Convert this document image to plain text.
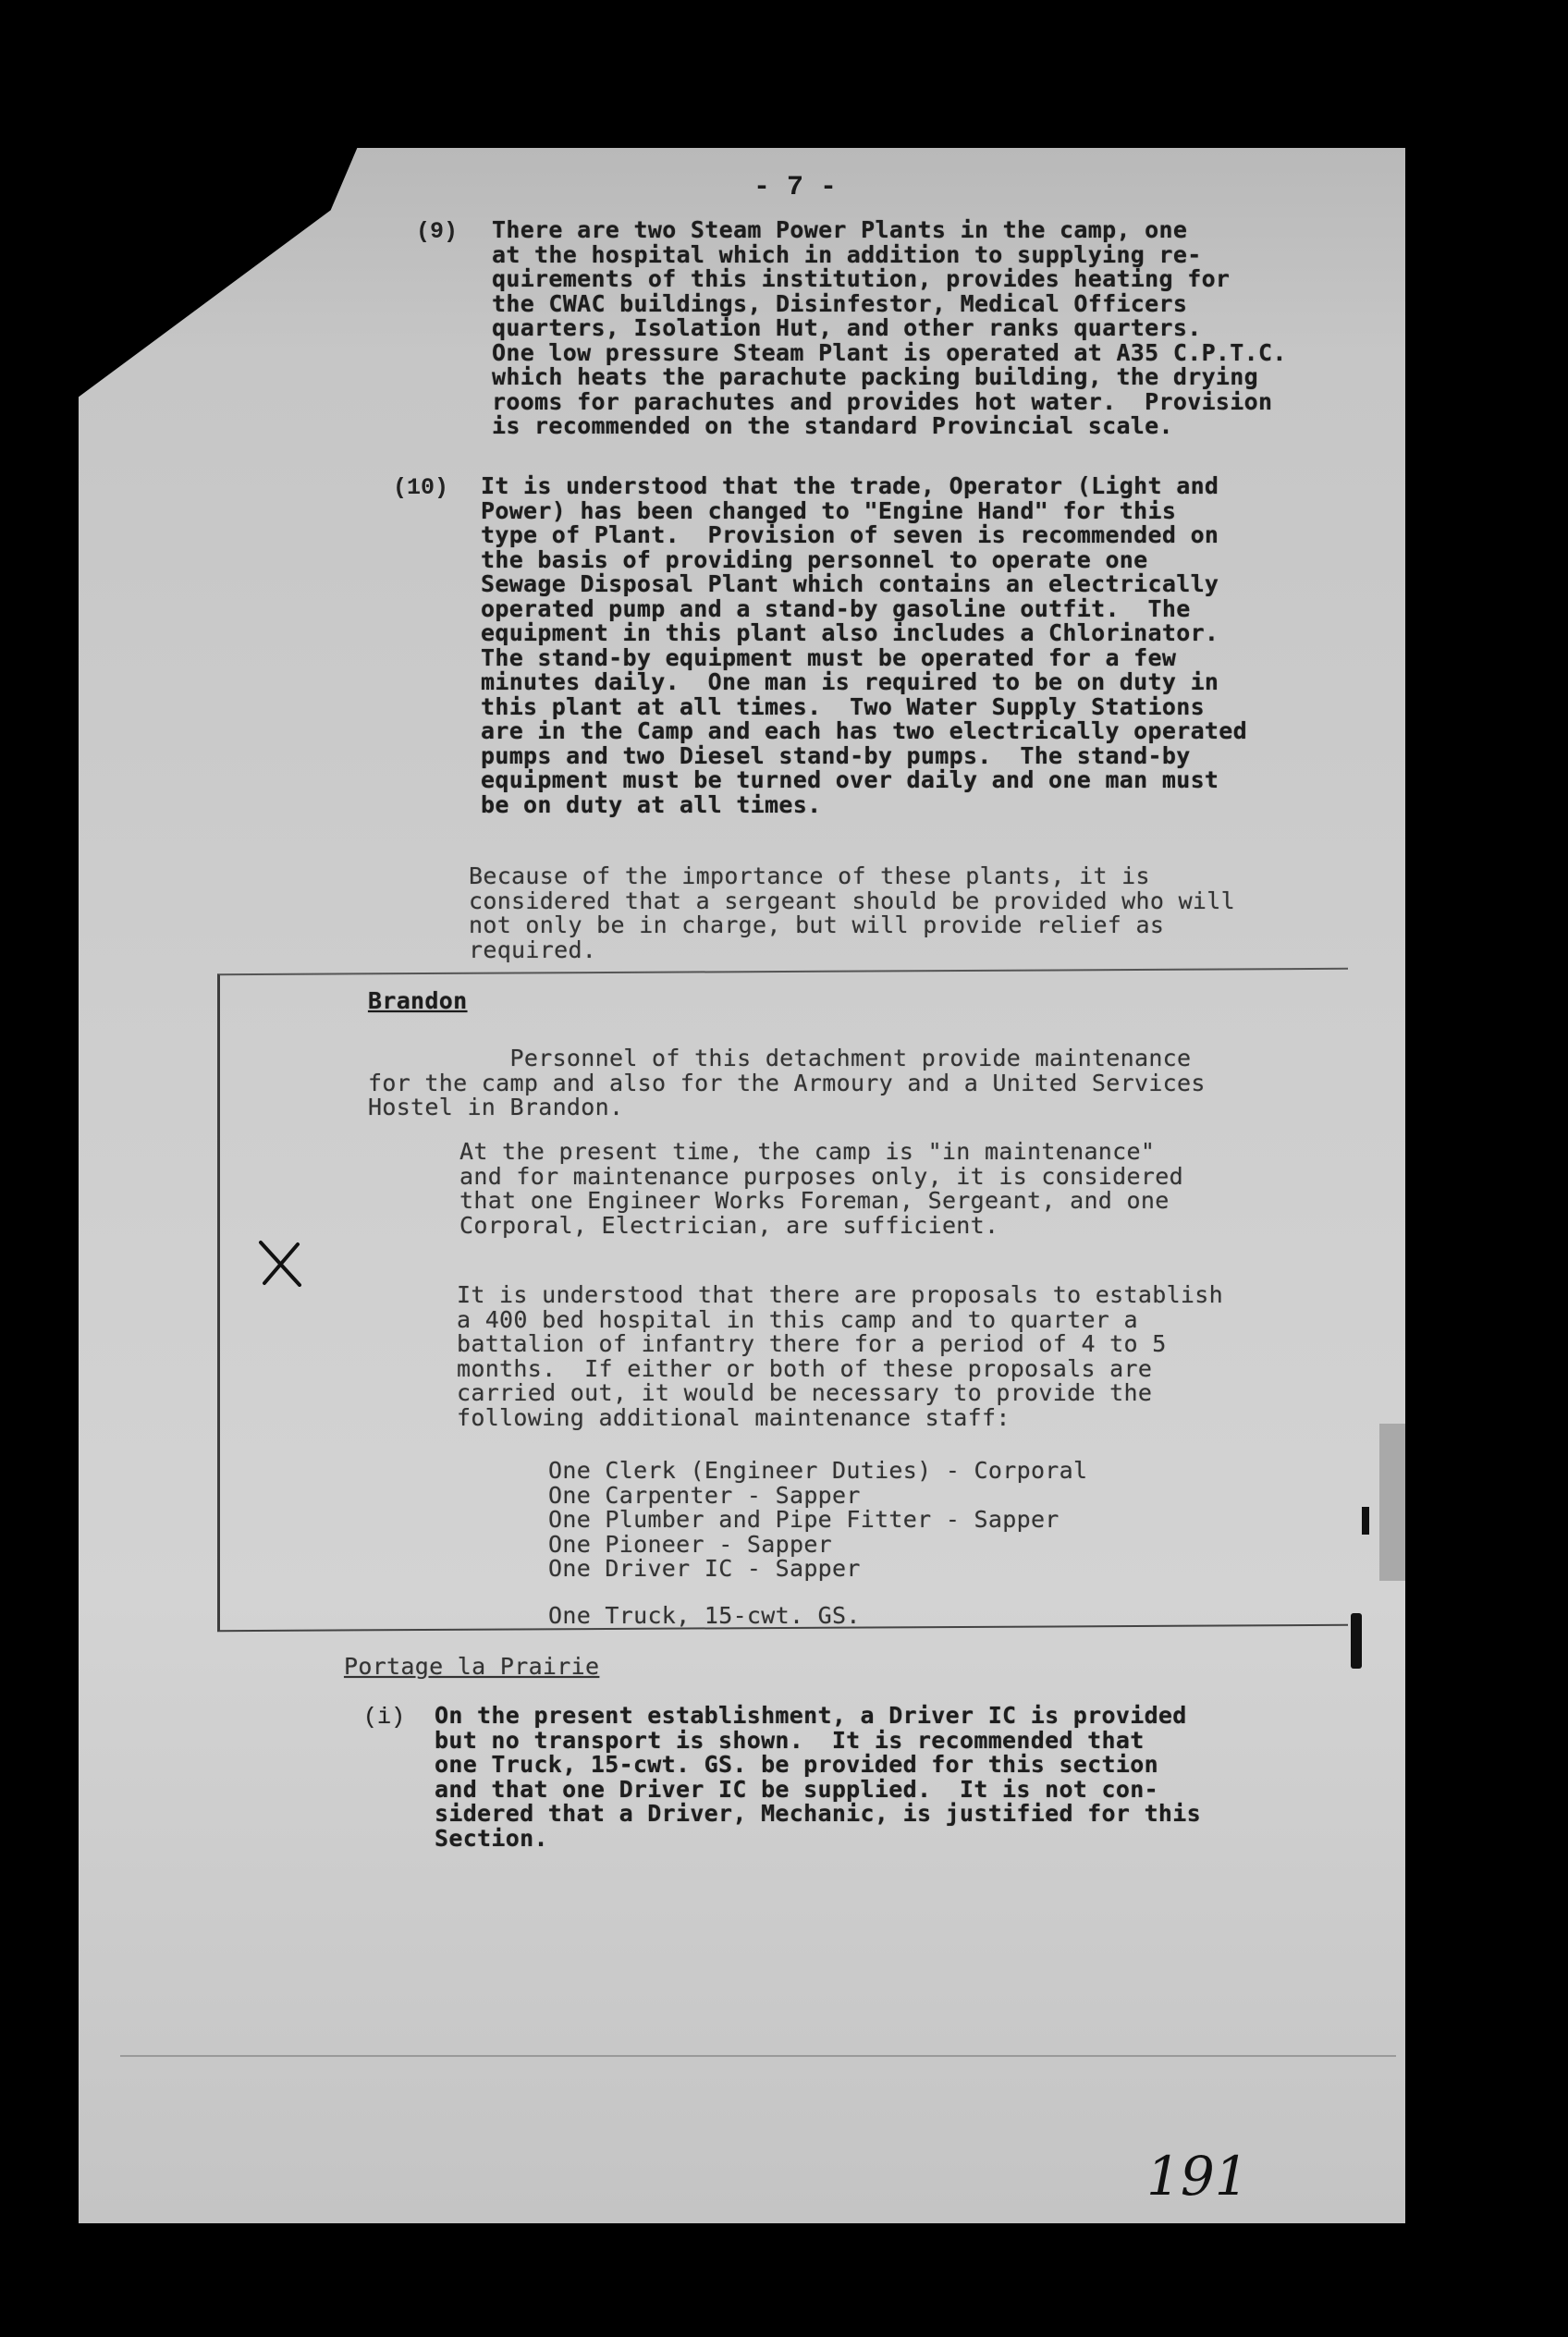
- 7 -
(9) There are two Steam Power Plants in the camp, one
at the hospital which in addition to supplying re-
quirements of this institution, provides heating for
the CWAC buildings, Disinfestor, Medical Officers
quarters, Isolation Hut, and other ranks quarters.
One low pressure Steam Plant is operated at A35 C.P.T.C.
which heats the parachute packing building, the drying
rooms for parachutes and provides hot water.  Provision
is recommended on the standard Provincial scale.
(10) It is understood that the trade, Operator (Light and
Power) has been changed to "Engine Hand" for this
type of Plant.  Provision of seven is recommended on
the basis of providing personnel to operate one
Sewage Disposal Plant which contains an electrically
operated pump and a stand-by gasoline outfit.  The
equipment in this plant also includes a Chlorinator.
The stand-by equipment must be operated for a few
minutes daily.  One man is required to be on duty in
this plant at all times.  Two Water Supply Stations
are in the Camp and each has two electrically operated
pumps and two Diesel stand-by pumps.  The stand-by
equipment must be turned over daily and one man must
be on duty at all times.
Because of the importance of these plants, it is
considered that a sergeant should be provided who will
not only be in charge, but will provide relief as
required.
Brandon
Personnel of this detachment provide maintenance
for the camp and also for the Armoury and a United Services
Hostel in Brandon.
At the present time, the camp is "in maintenance"
and for maintenance purposes only, it is considered
that one Engineer Works Foreman, Sergeant, and one
Corporal, Electrician, are sufficient.
It is understood that there are proposals to establish
a 400 bed hospital in this camp and to quarter a
battalion of infantry there for a period of 4 to 5
months.  If either or both of these proposals are
carried out, it would be necessary to provide the
following additional maintenance staff:
One Clerk (Engineer Duties) - Corporal
One Carpenter - Sapper
One Plumber and Pipe Fitter - Sapper
One Pioneer - Sapper
One Driver IC - Sapper
One Truck, 15-cwt. GS.
Portage la Prairie
(i) On the present establishment, a Driver IC is provided
but no transport is shown.  It is recommended that
one Truck, 15-cwt. GS. be provided for this section
and that one Driver IC be supplied.  It is not con-
sidered that a Driver, Mechanic, is justified for this
Section.
191
